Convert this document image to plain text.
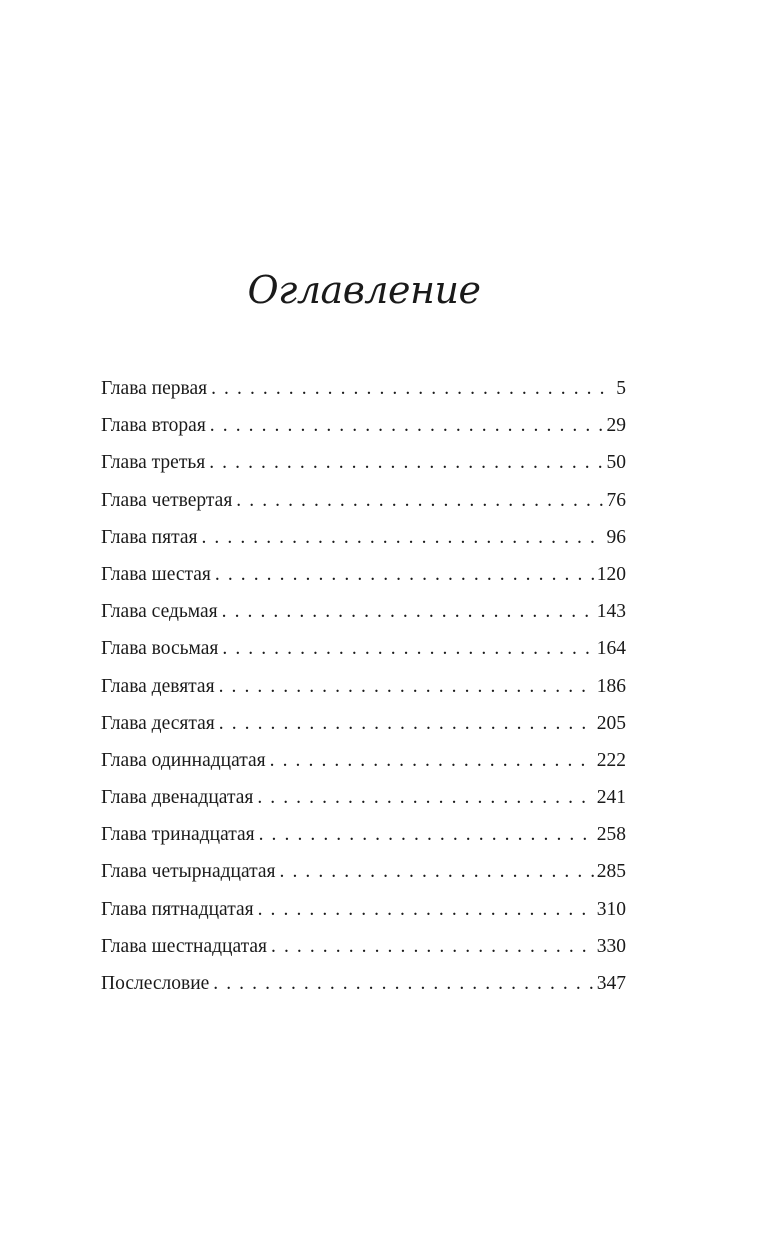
Оглавление
Глава первая . . .	5
Глава вторая . . .	29
Глава третья . . .	50
Глава четвертая . . .	76
Глава пятая . . .	96
Глава шестая . . .	120
Глава седьмая . . .	143
Глава восьмая . . .	164
Глава девятая . . .	186
Глава десятая . . .	205
Глава одиннадцатая . . .	222
Глава двенадцатая . . .	241
Глава тринадцатая . . .	258
Глава четырнадцатая . . .	285
Глава пятнадцатая . . .	310
Глава шестнадцатая . . .	330
Послесловие . . .	347
